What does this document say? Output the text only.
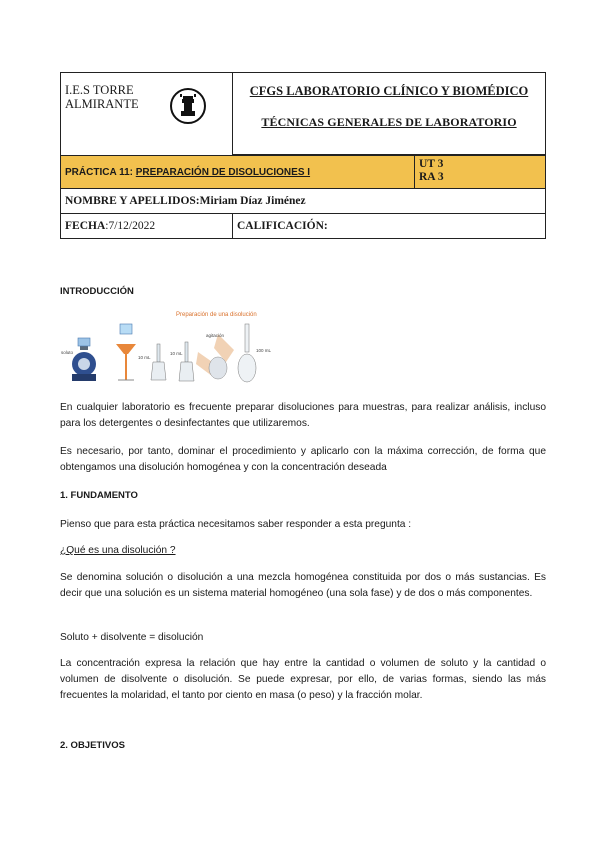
I.E.S TORRE
ALMIRANTE	CFGS LABORATORIO CLÍNICO Y BIOMÉDICO
TÉCNICAS GENERALES DE LABORATORIO	

PRÁCTICA 11: PREPARACIÓN DE DISOLUCIONES I		UT 3
RA 3
NOMBRE Y APELLIDOS:Miriam Díaz Jiménez		
FECHA:7/12/2022	CALIFICACIÓN:	
INTRODUCCIÓN
Preparación de una disolución
soluto
10 mL
10 mL
agitación
100 mL
En cualquier laboratorio es frecuente preparar disoluciones para muestras, para realizar análisis, incluso para los detergentes o desinfectantes que utilizaremos.
Es necesario, por tanto, dominar el procedimiento y aplicarlo con la máxima corrección, de forma que obtengamos una disolución homogénea y con la concentración deseada
1. FUNDAMENTO
Pienso que para esta práctica necesitamos saber responder a esta pregunta :
¿Qué es una disolución ?
Se denomina solución o disolución a una mezcla homogénea constituida por dos o más sustancias. Es decir que una solución es un sistema material homogéneo (una sola fase) y de dos o más componentes.
Soluto + disolvente = disolución
La concentración expresa la relación que hay entre la cantidad o volumen de soluto y la cantidad o volumen de disolvente o disolución. Se puede expresar, por ello, de varias formas, siendo las más frecuentes la molaridad, el tanto por ciento en masa (o peso) y la fracción molar.
2. OBJETIVOS
